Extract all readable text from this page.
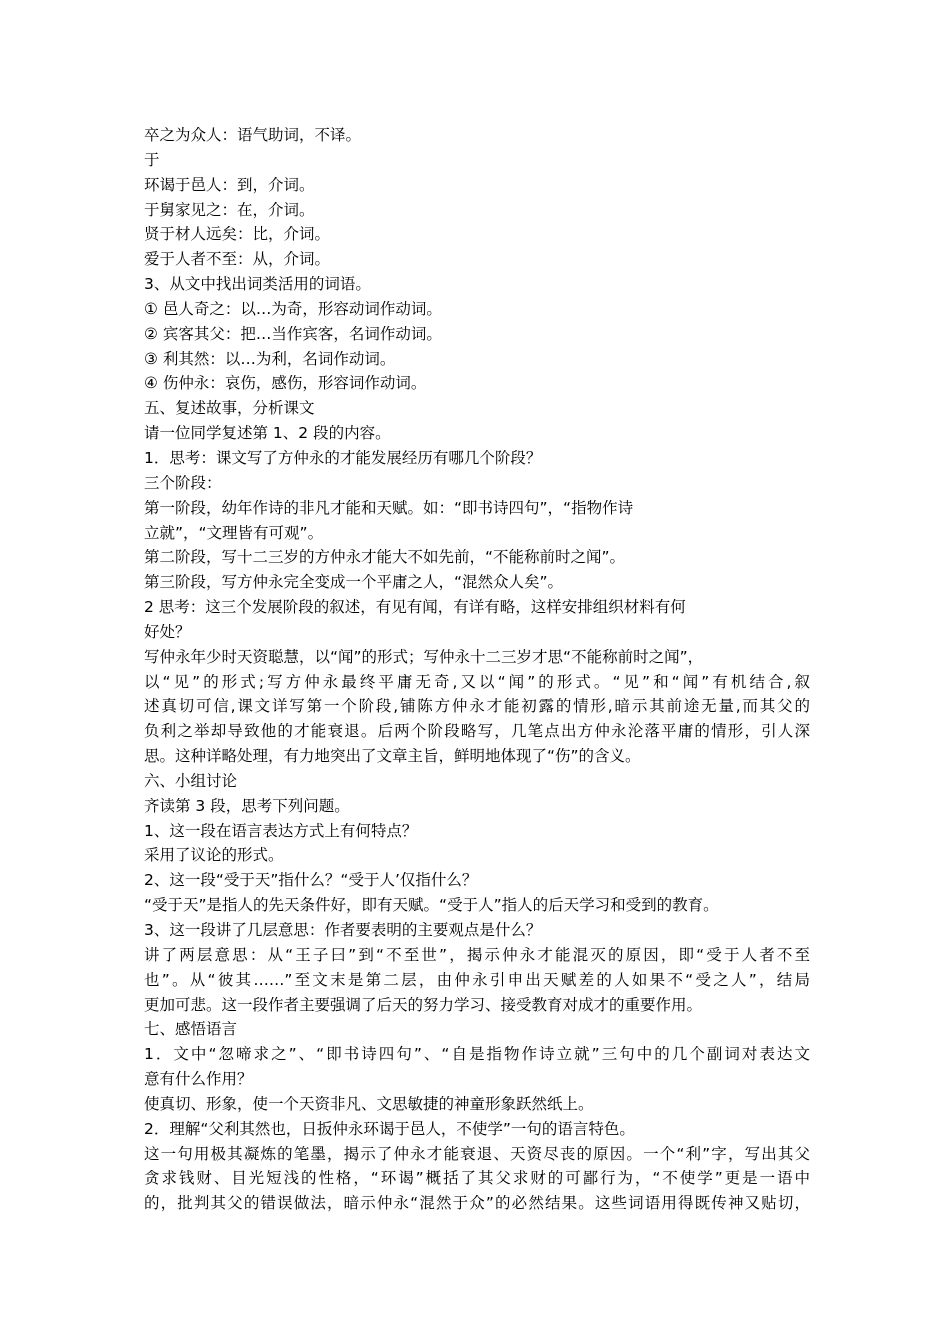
卒之为众人：语气助词，不译。
于
环谒于邑人：到，介词。
于舅家见之：在，介词。
贤于材人远矣：比，介词。
爱于人者不至：从，介词。
3、从文中找出词类活用的词语。
① 邑人奇之：以…为奇，形容动词作动词。
② 宾客其父：把…当作宾客，名词作动词。
③ 利其然：以…为利，名词作动词。
④ 伤仲永：哀伤，感伤，形容词作动词。
五、复述故事，分析课文
请一位同学复述第 1、2 段的内容。
1．思考：课文写了方仲永的才能发展经历有哪几个阶段？
三个阶段：
第一阶段，幼年作诗的非凡才能和天赋。如：“即书诗四句”，“指物作诗
立就”，“文理皆有可观”。
第二阶段，写十二三岁的方仲永才能大不如先前，“不能称前时之闻”。
第三阶段，写方仲永完全变成一个平庸之人，“混然众人矣”。
2 思考：这三个发展阶段的叙述，有见有闻，有详有略，这样安排组织材料有何
好处？
写仲永年少时天资聪慧，以“闻”的形式；写仲永十二三岁才思“不能称前时之闻”，
以“见”的形式;写方仲永最终平庸无奇,又以“闻”的形式。“见”和“闻”有机结合,叙
述真切可信,课文详写第一个阶段,铺陈方仲永才能初露的情形,暗示其前途无量,而其父的
负利之举却导致他的才能衰退。后两个阶段略写，几笔点出方仲永沦落平庸的情形，引人深
思。这种详略处理，有力地突出了文章主旨，鲜明地体现了“伤”的含义。
六、小组讨论
齐读第 3 段，思考下列问题。
1、这一段在语言表达方式上有何特点？
采用了议论的形式。
2、这一段“受于天”指什么？“受于人’仅指什么？
“受于天”是指人的先天条件好，即有天赋。“受于人”指人的后天学习和受到的教育。
3、这一段讲了几层意思：作者要表明的主要观点是什么？
讲了两层意思：从“王子曰”到“不至世”，揭示仲永才能混灭的原因，即“受于人者不至
也”。从“彼其……”至文末是第二层，由仲永引申出天赋差的人如果不“受之人”，结局
更加可悲。这一段作者主要强调了后天的努力学习、接受教育对成才的重要作用。
七、感悟语言
1．文中“忽啼求之”、“即书诗四句”、“自是指物作诗立就”三句中的几个副词对表达文
意有什么作用？
使真切、形象，使一个天资非凡、文思敏捷的神童形象跃然纸上。
2．理解“父利其然也，日扳仲永环谒于邑人，不使学”一句的语言特色。
这一句用极其凝炼的笔墨，揭示了仲永才能衰退、天资尽丧的原因。一个“利”字，写出其父
贪求钱财、目光短浅的性格，“环谒”概括了其父求财的可鄙行为，“不使学”更是一语中
的，批判其父的错误做法，暗示仲永“混然于众”的必然结果。这些词语用得既传神又贴切，
